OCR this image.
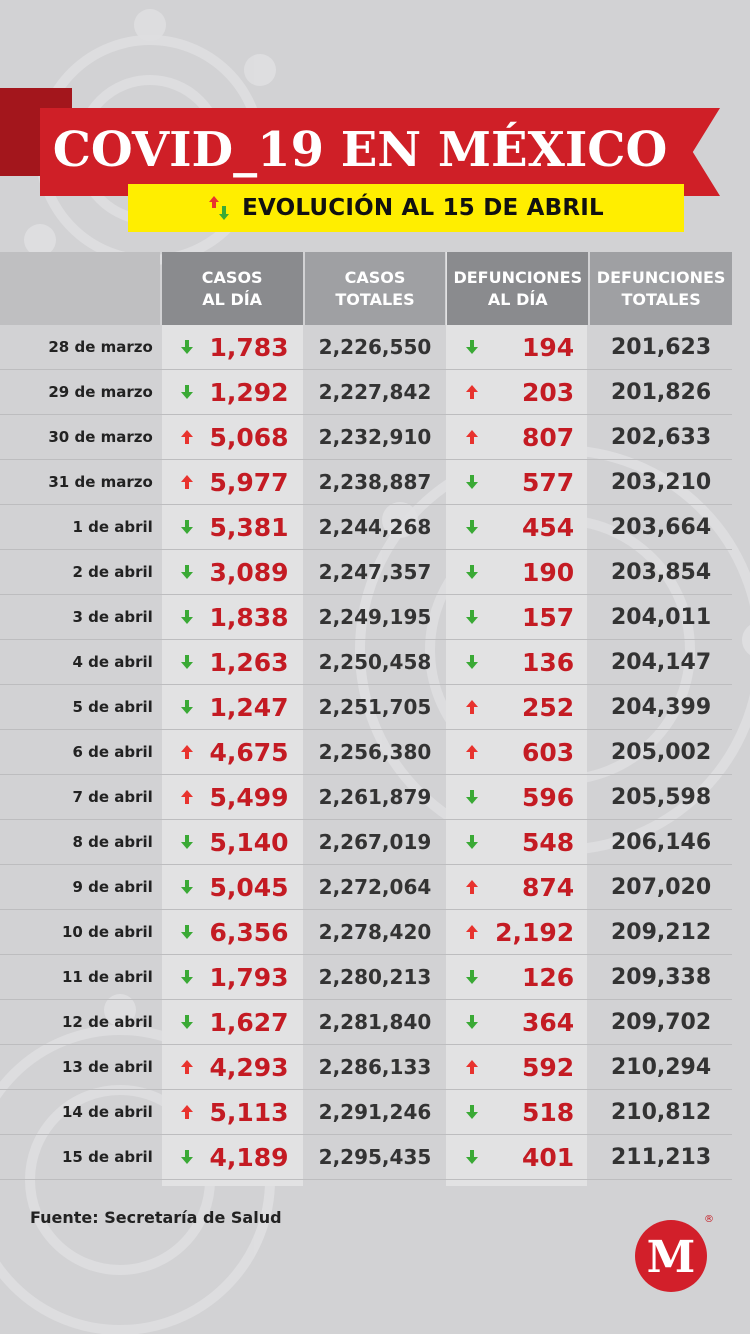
COVID_19 EN MÉXICO
EVOLUCIÓN AL 15 DE ABRIL
CASOS
AL DÍA
CASOS
TOTALES
DEFUNCIONES
AL DÍA
DEFUNCIONES
TOTALES
28 de marzo	1,783	2,226,550	194	201,623
29 de marzo	1,292	2,227,842	203	201,826
30 de marzo	5,068	2,232,910	807	202,633
31 de marzo	5,977	2,238,887	577	203,210
1 de abril	5,381	2,244,268	454	203,664
2 de abril	3,089	2,247,357	190	203,854
3 de abril	1,838	2,249,195	157	204,011
4 de abril	1,263	2,250,458	136	204,147
5 de abril	1,247	2,251,705	252	204,399
6 de abril	4,675	2,256,380	603	205,002
7 de abril	5,499	2,261,879	596	205,598
8 de abril	5,140	2,267,019	548	206,146
9 de abril	5,045	2,272,064	874	207,020
10 de abril	6,356	2,278,420	2,192	209,212
11 de abril	1,793	2,280,213	126	209,338
12 de abril	1,627	2,281,840	364	209,702
13 de abril	4,293	2,286,133	592	210,294
14 de abril	5,113	2,291,246	518	210,812
15 de abril	4,189	2,295,435	401	211,213
Fuente: Secretaría de Salud
M
®
